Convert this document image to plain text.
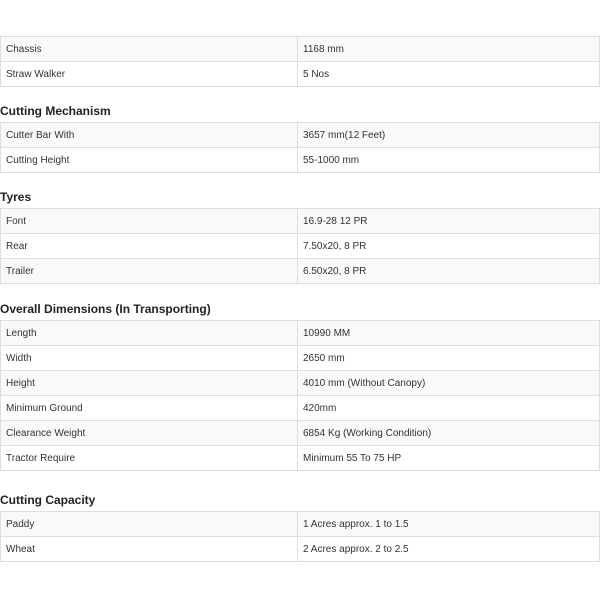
Chassis	1168 mm
Straw Walker	5 Nos
Cutting Mechanism
Cutter Bar With	3657 mm(12 Feet)
Cutting Height	55-1000 mm
Tyres
Font	16.9-28 12 PR
Rear	7.50x20, 8 PR
Trailer	6.50x20, 8 PR
Overall Dimensions (In Transporting)
Length	10990 MM
Width	2650 mm
Height	4010 mm (Without Canopy)
Minimum Ground	420mm
Clearance Weight	6854 Kg (Working Condition)
Tractor Require	Minimum 55 To 75 HP
Cutting Capacity
Paddy	1 Acres approx. 1 to 1.5
Wheat	2 Acres approx. 2 to 2.5
